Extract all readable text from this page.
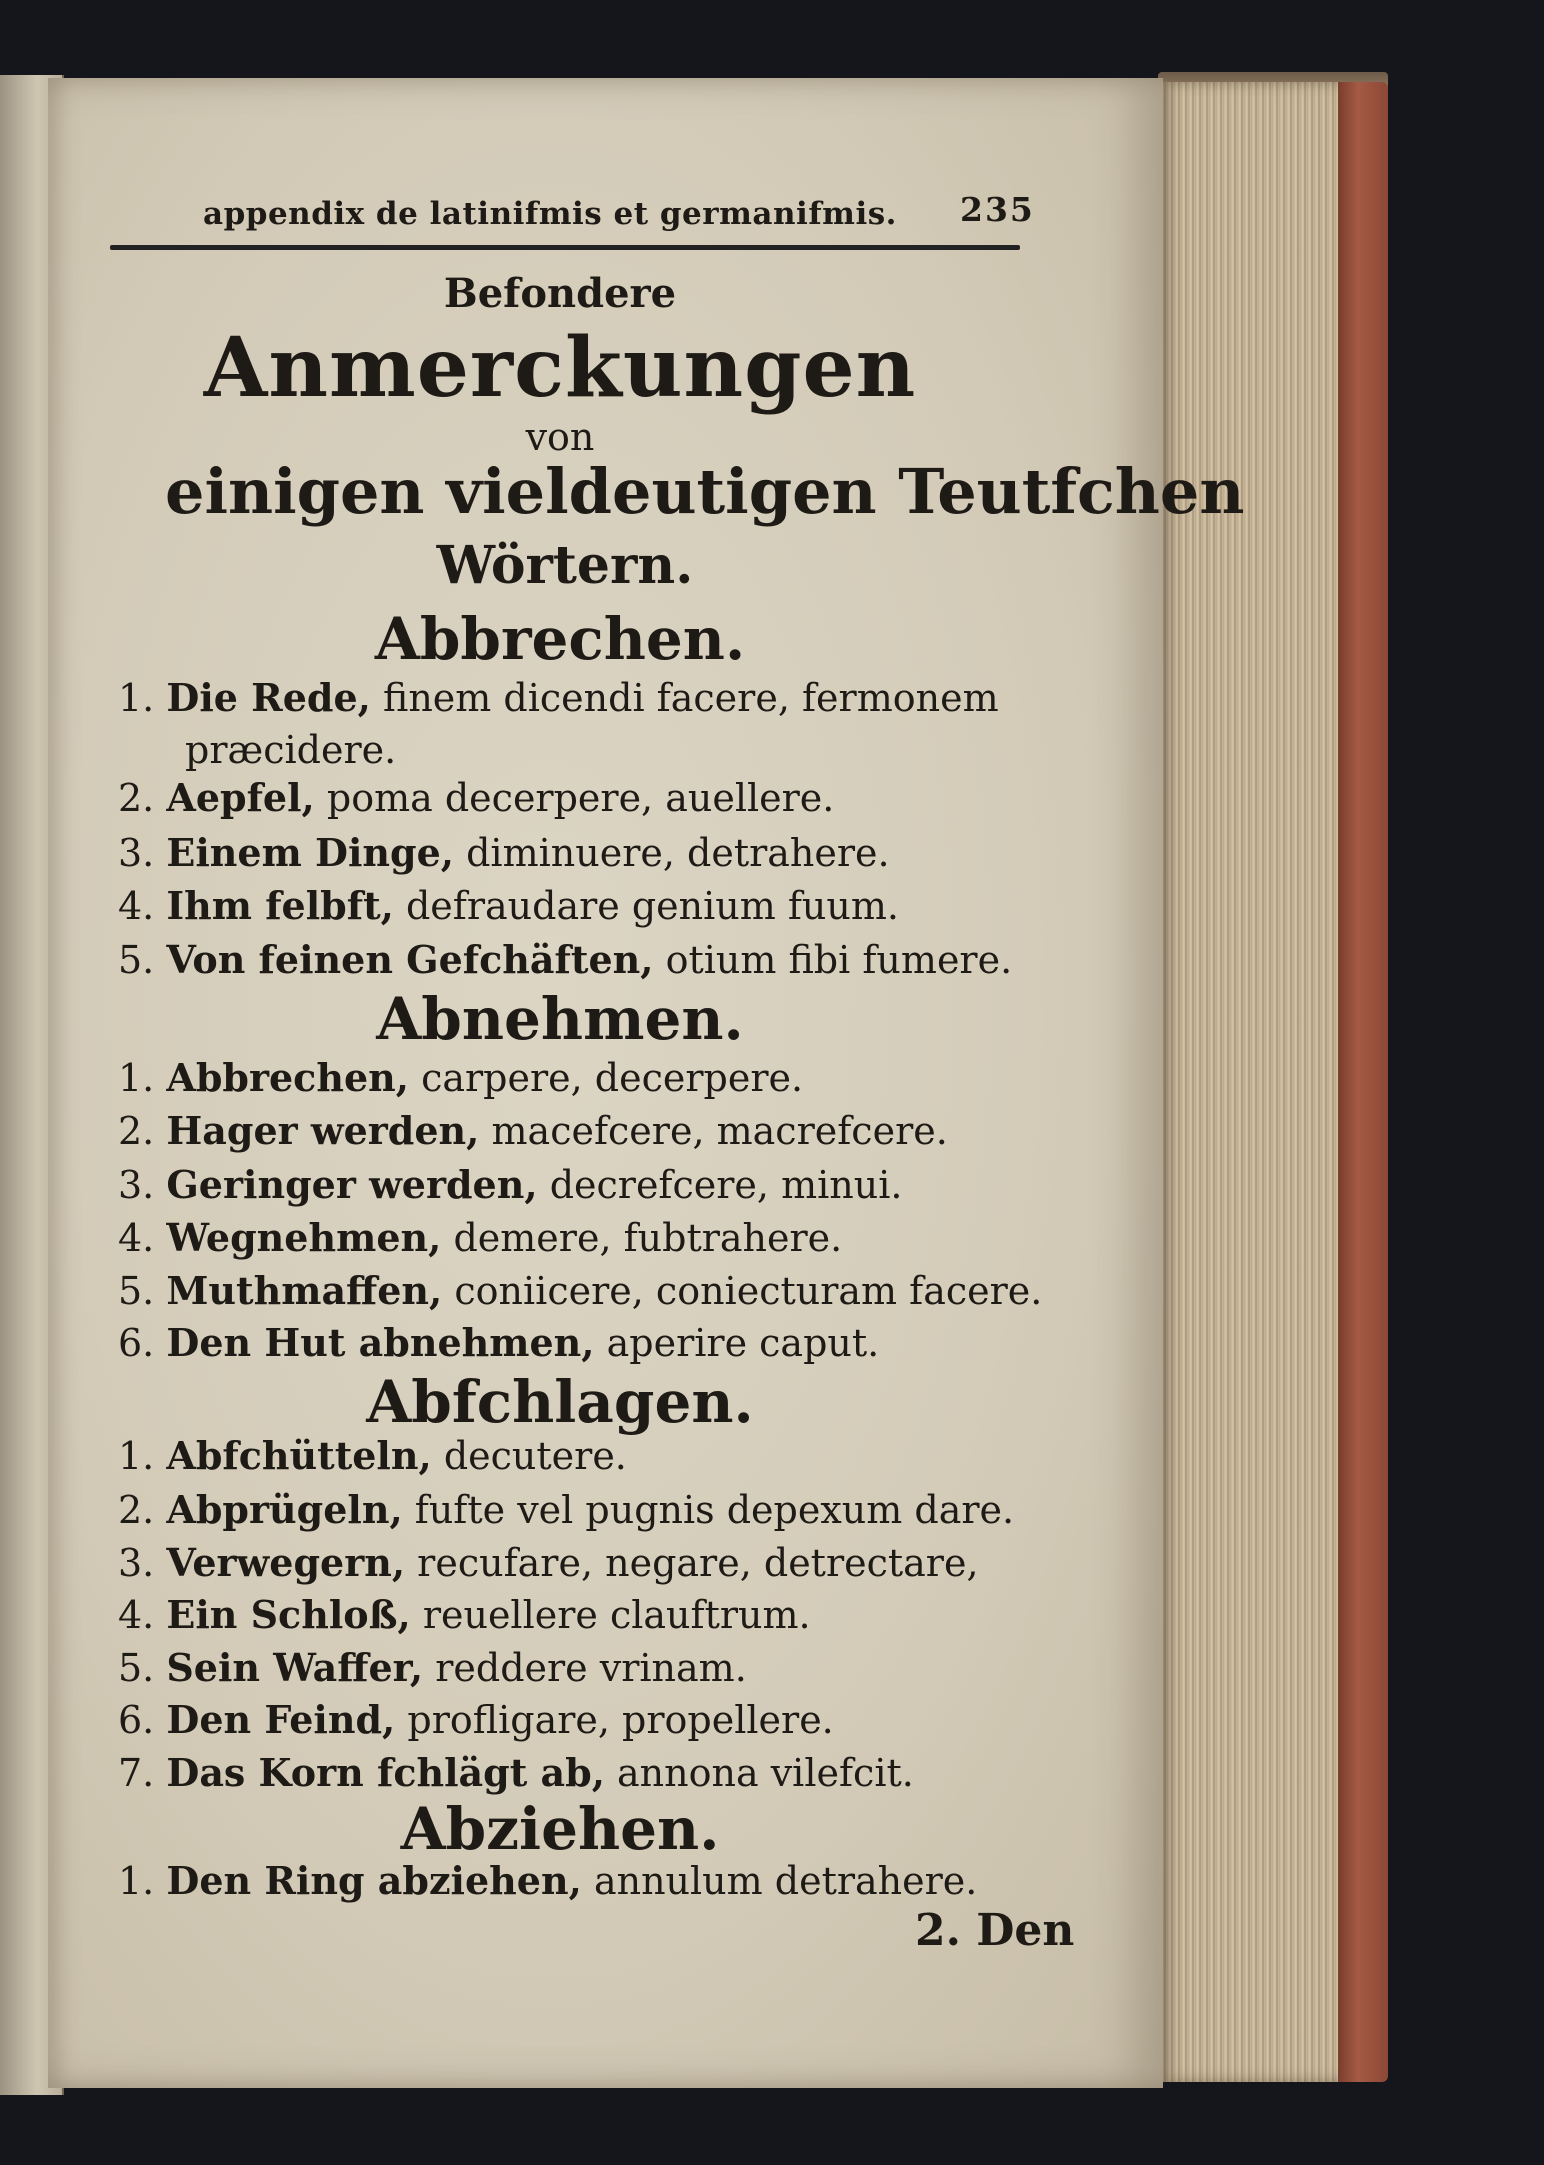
appendix de latinifmis et germanifmis. 235
Befondere
Anmerckungen
von
einigen vieldeutigen Teutfchen
Wörtern.
Abbrechen.
1. Die Rede, finem dicendi facere, fermonem
præcidere.
2. Aepfel, poma decerpere, auellere.
3. Einem Dinge, diminuere, detrahere.
4. Ihm felbft, defraudare genium fuum.
5. Von feinen Gefchäften, otium fibi fumere.
Abnehmen.
1. Abbrechen, carpere, decerpere.
2. Hager werden, macefcere, macrefcere.
3. Geringer werden, decrefcere, minui.
4. Wegnehmen, demere, fubtrahere.
5. Muthmaffen, coniicere, coniecturam facere.
6. Den Hut abnehmen, aperire caput.
Abfchlagen.
1. Abfchütteln, decutere.
2. Abprügeln, fufte vel pugnis depexum dare.
3. Verwegern, recufare, negare, detrectare,
4. Ein Schloß, reuellere clauftrum.
5. Sein Waffer, reddere vrinam.
6. Den Feind, profligare, propellere.
7. Das Korn fchlägt ab, annona vilefcit.
Abziehen.
1. Den Ring abziehen, annulum detrahere.
2. Den
